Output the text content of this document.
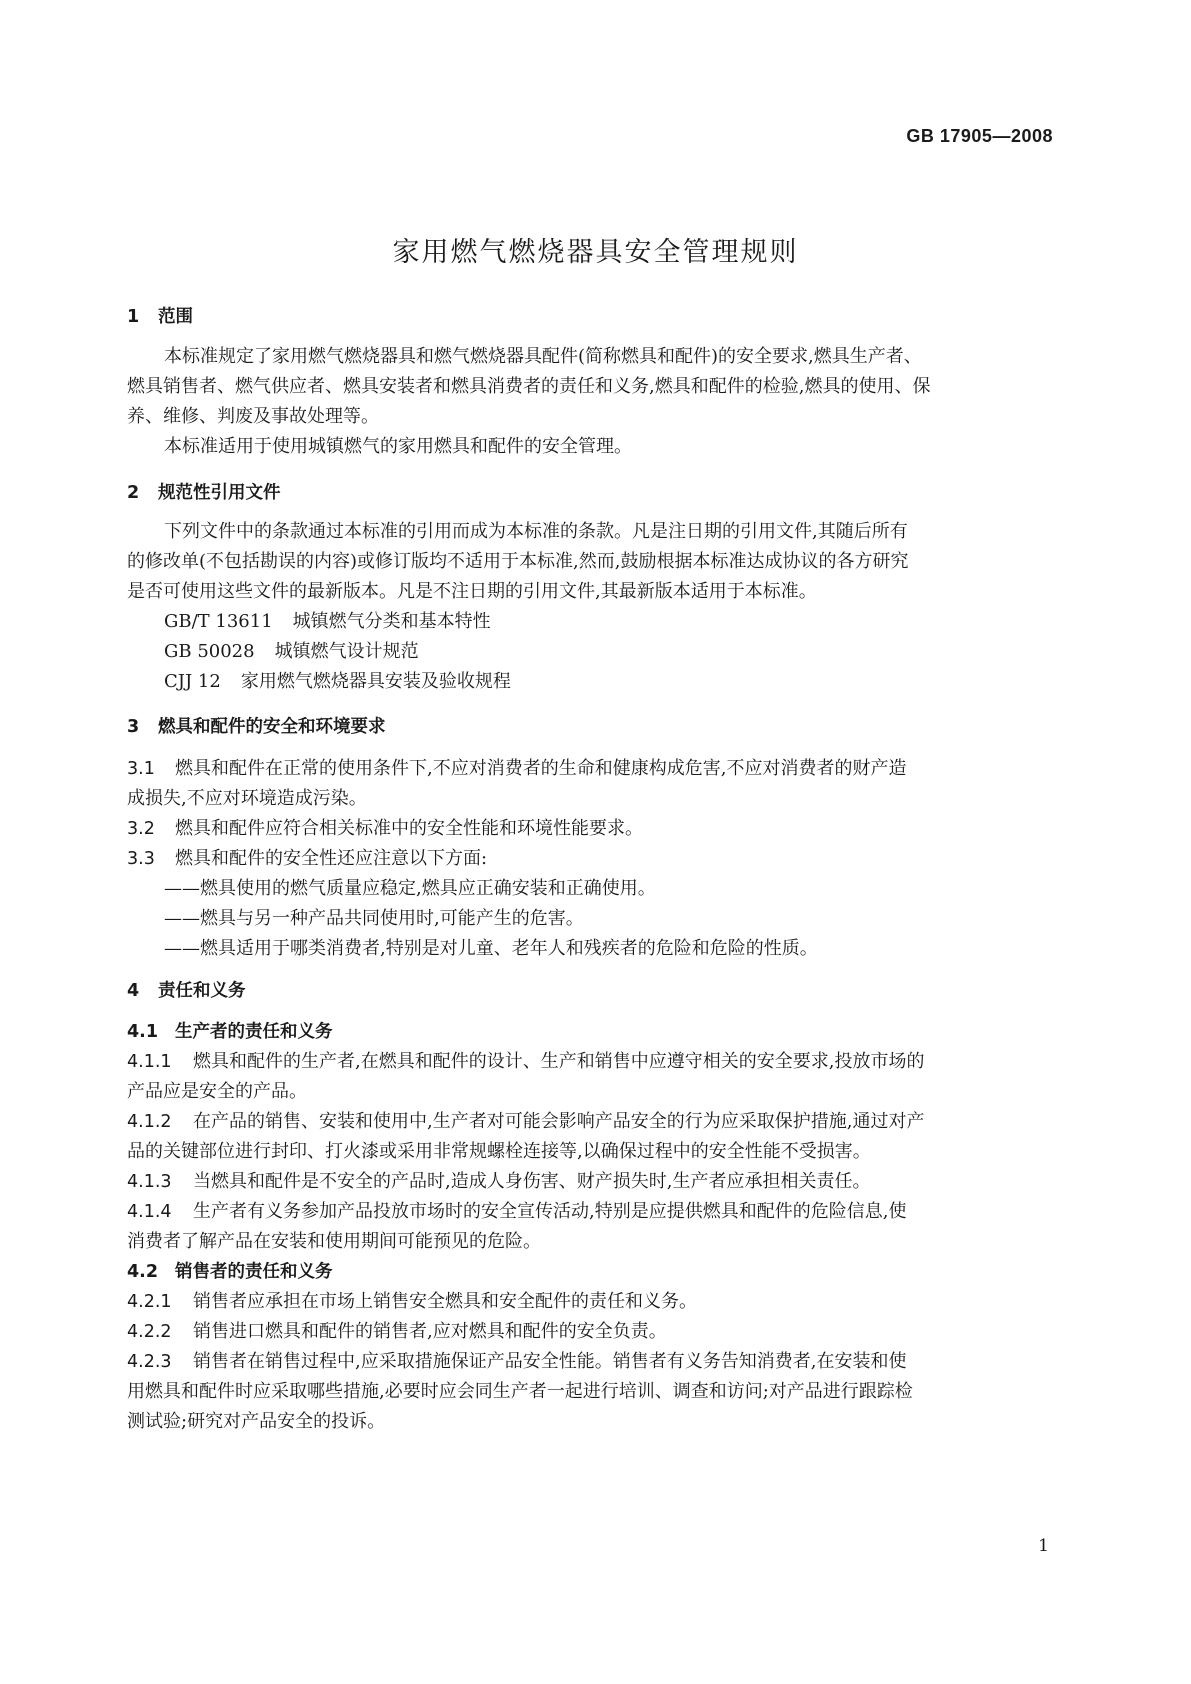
GB 17905—2008
家用燃气燃烧器具安全管理规则
1 范围
本标准规定了家用燃气燃烧器具和燃气燃烧器具配件(简称燃具和配件)的安全要求,燃具生产者、
燃具销售者、燃气供应者、燃具安装者和燃具消费者的责任和义务,燃具和配件的检验,燃具的使用、保
养、维修、判废及事故处理等。
本标准适用于使用城镇燃气的家用燃具和配件的安全管理。
2 规范性引用文件
下列文件中的条款通过本标准的引用而成为本标准的条款。凡是注日期的引用文件,其随后所有
的修改单(不包括勘误的内容)或修订版均不适用于本标准,然而,鼓励根据本标准达成协议的各方研究
是否可使用这些文件的最新版本。凡是不注日期的引用文件,其最新版本适用于本标准。
GB/T 13611 城镇燃气分类和基本特性
GB 50028 城镇燃气设计规范
CJJ 12 家用燃气燃烧器具安装及验收规程
3 燃具和配件的安全和环境要求
3.1 燃具和配件在正常的使用条件下,不应对消费者的生命和健康构成危害,不应对消费者的财产造
成损失,不应对环境造成污染。
3.2 燃具和配件应符合相关标准中的安全性能和环境性能要求。
3.3 燃具和配件的安全性还应注意以下方面:
——燃具使用的燃气质量应稳定,燃具应正确安装和正确使用。
——燃具与另一种产品共同使用时,可能产生的危害。
——燃具适用于哪类消费者,特别是对儿童、老年人和残疾者的危险和危险的性质。
4 责任和义务
4.1 生产者的责任和义务
4.1.1 燃具和配件的生产者,在燃具和配件的设计、生产和销售中应遵守相关的安全要求,投放市场的
产品应是安全的产品。
4.1.2 在产品的销售、安装和使用中,生产者对可能会影响产品安全的行为应采取保护措施,通过对产
品的关键部位进行封印、打火漆或采用非常规螺栓连接等,以确保过程中的安全性能不受损害。
4.1.3 当燃具和配件是不安全的产品时,造成人身伤害、财产损失时,生产者应承担相关责任。
4.1.4 生产者有义务参加产品投放市场时的安全宣传活动,特别是应提供燃具和配件的危险信息,使
消费者了解产品在安装和使用期间可能预见的危险。
4.2 销售者的责任和义务
4.2.1 销售者应承担在市场上销售安全燃具和安全配件的责任和义务。
4.2.2 销售进口燃具和配件的销售者,应对燃具和配件的安全负责。
4.2.3 销售者在销售过程中,应采取措施保证产品安全性能。销售者有义务告知消费者,在安装和使
用燃具和配件时应采取哪些措施,必要时应会同生产者一起进行培训、调查和访问;对产品进行跟踪检
测试验;研究对产品安全的投诉。
1
